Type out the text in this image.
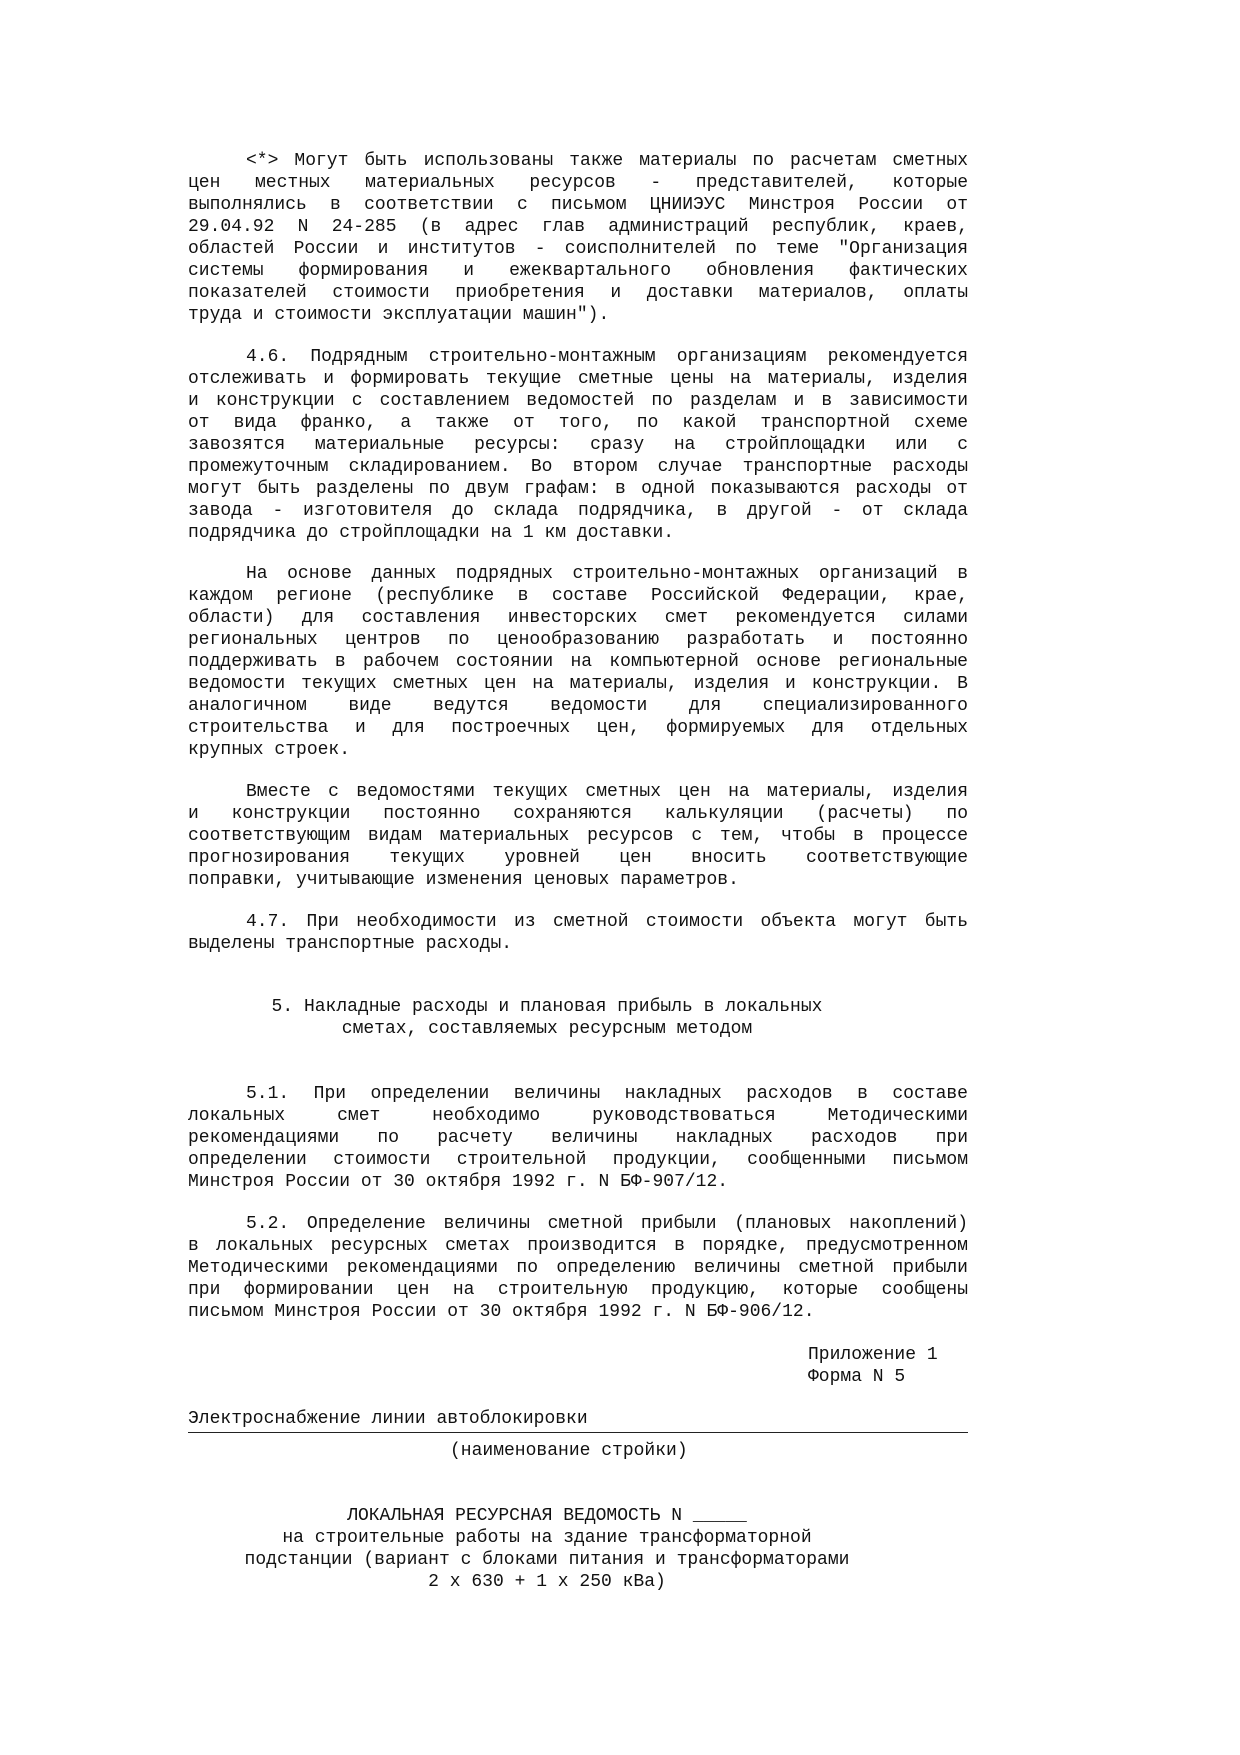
<*> Могут быть использованы также материалы по расчетам сметных
цен местных материальных ресурсов - представителей, которые
выполнялись в соответствии с письмом ЦНИИЭУС Минстроя России от
29.04.92 N 24-285 (в адрес глав администраций республик, краев,
областей России и институтов - соисполнителей по теме "Организация
системы формирования и ежеквартального обновления фактических
показателей стоимости приобретения и доставки материалов, оплаты
труда и стоимости эксплуатации машин").
4.6. Подрядным строительно-монтажным организациям рекомендуется
отслеживать и формировать текущие сметные цены на материалы, изделия
и конструкции с составлением ведомостей по разделам и в зависимости
от вида франко, а также от того, по какой транспортной схеме
завозятся материальные ресурсы: сразу на стройплощадки или с
промежуточным складированием. Во втором случае транспортные расходы
могут быть разделены по двум графам: в одной показываются расходы от
завода - изготовителя до склада подрядчика, в другой - от склада
подрядчика до стройплощадки на 1 км доставки.
На основе данных подрядных строительно-монтажных организаций в
каждом регионе (республике в составе Российской Федерации, крае,
области) для составления инвесторских смет рекомендуется силами
региональных центров по ценообразованию разработать и постоянно
поддерживать в рабочем состоянии на компьютерной основе региональные
ведомости текущих сметных цен на материалы, изделия и конструкции. В
аналогичном виде ведутся ведомости для специализированного
строительства и для построечных цен, формируемых для отдельных
крупных строек.
Вместе с ведомостями текущих сметных цен на материалы, изделия
и конструкции постоянно сохраняются калькуляции (расчеты) по
соответствующим видам материальных ресурсов с тем, чтобы в процессе
прогнозирования текущих уровней цен вносить соответствующие
поправки, учитывающие изменения ценовых параметров.
4.7. При необходимости из сметной стоимости объекта могут быть
выделены транспортные расходы.
5. Накладные расходы и плановая прибыль в локальных
сметах, составляемых ресурсным методом
5.1. При определении величины накладных расходов в составе
локальных смет необходимо руководствоваться Методическими
рекомендациями по расчету величины накладных расходов при
определении стоимости строительной продукции, сообщенными письмом
Минстроя России от 30 октября 1992 г. N БФ-907/12.
5.2. Определение величины сметной прибыли (плановых накоплений)
в локальных ресурсных сметах производится в порядке, предусмотренном
Методическими рекомендациями по определению величины сметной прибыли
при формировании цен на строительную продукцию, которые сообщены
письмом Минстроя России от 30 октября 1992 г. N БФ-906/12.
Приложение 1
Форма N 5
Электроснабжение линии автоблокировки
(наименование стройки)
ЛОКАЛЬНАЯ РЕСУРСНАЯ ВЕДОМОСТЬ N _____
на строительные работы на здание трансформаторной
подстанции (вариант с блоками питания и трансформаторами
2 х 630 + 1 х 250 кВа)
